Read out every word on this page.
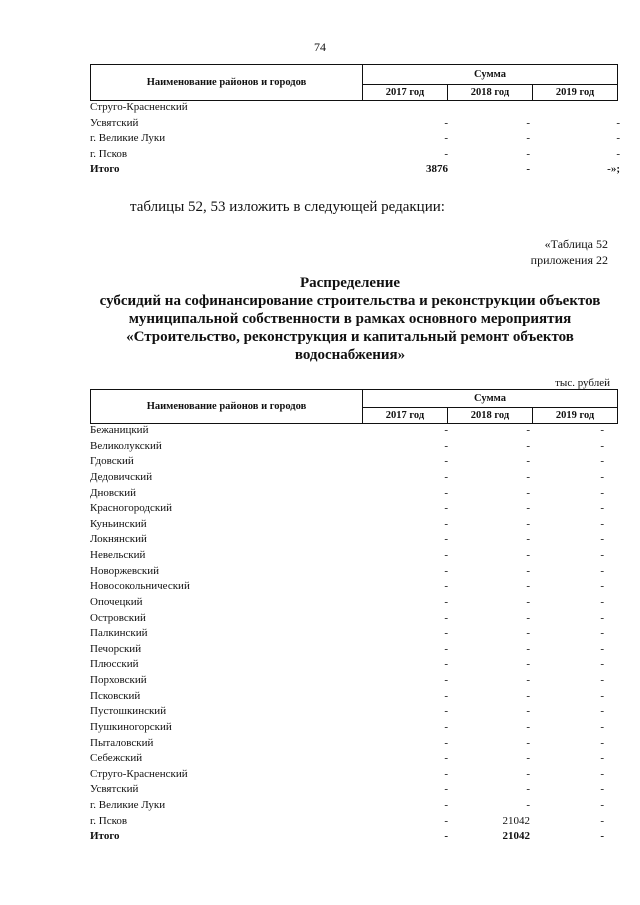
74
Наименование районов и городов	Сумма		
	2017 год	2018 год	2019 год
Струго-Красненский
Усвятский	-	-	-
г. Великие Луки	-	-	-
г. Псков	-	-	-
Итого	3876	-	-»;
таблицы 52, 53 изложить в следующей редакции:
«Таблица 52
приложения 22
Распределение
субсидий на софинансирование строительства и реконструкции объектов
муниципальной собственности в рамках основного мероприятия
«Строительство, реконструкция и капитальный ремонт объектов
водоснабжения»
тыс. рублей
Наименование районов и городов	Сумма		
	2017 год	2018 год	2019 год
Бежаницкий	-	-	-
Великолукский	-	-	-
Гдовский	-	-	-
Дедовичский	-	-	-
Дновский	-	-	-
Красногородский	-	-	-
Куньинский	-	-	-
Локнянский	-	-	-
Невельский	-	-	-
Новоржевский	-	-	-
Новосокольнический	-	-	-
Опочецкий	-	-	-
Островский	-	-	-
Палкинский	-	-	-
Печорский	-	-	-
Плюсский	-	-	-
Порховский	-	-	-
Псковский	-	-	-
Пустошкинский	-	-	-
Пушкиногорский	-	-	-
Пыталовский	-	-	-
Себежский	-	-	-
Струго-Красненский	-	-	-
Усвятский	-	-	-
г. Великие Луки	-	-	-
г. Псков	-	21042	-
Итого	-	21042	-
